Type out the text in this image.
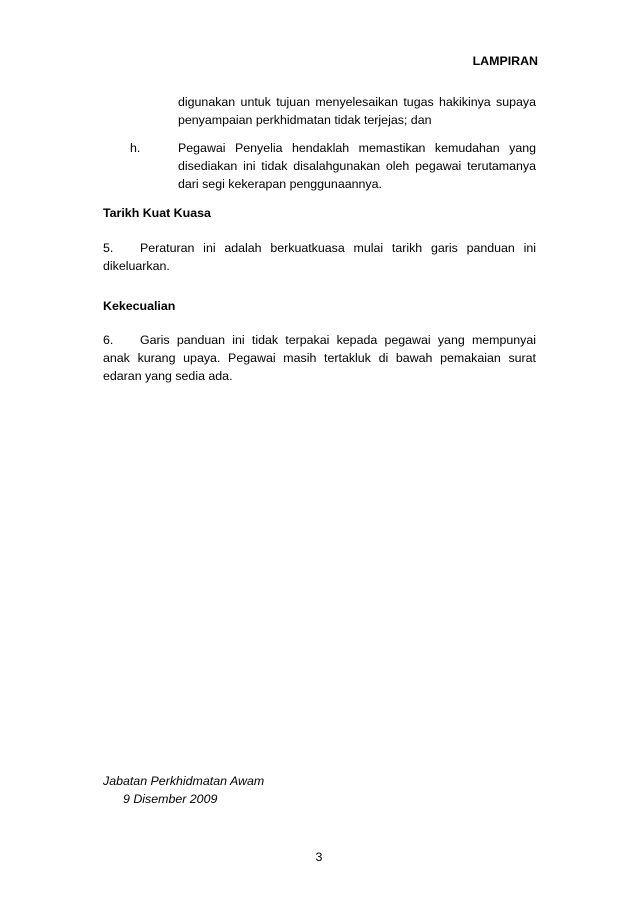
LAMPIRAN
digunakan untuk tujuan menyelesaikan tugas hakikinya supaya penyampaian perkhidmatan tidak terjejas; dan
h.	Pegawai Penyelia hendaklah memastikan kemudahan yang disediakan ini tidak disalahgunakan oleh pegawai terutamanya dari segi kekerapan penggunaannya.
Tarikh Kuat Kuasa
5. Peraturan ini adalah berkuatkuasa mulai tarikh garis panduan ini dikeluarkan.
Kekecualian
6. Garis panduan ini tidak terpakai kepada pegawai yang mempunyai anak kurang upaya. Pegawai masih tertakluk di bawah pemakaian surat edaran yang sedia ada.
Jabatan Perkhidmatan Awam
9 Disember 2009
3
